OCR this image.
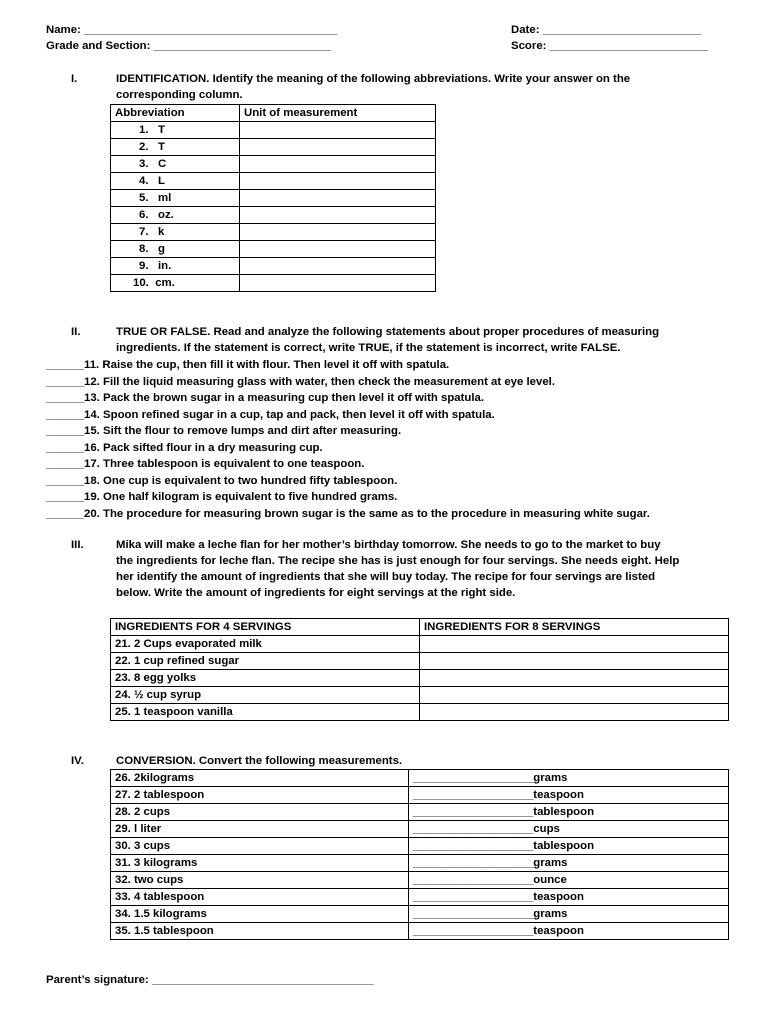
Name: ________________________________________
Grade and Section: ____________________________
Date: _________________________
Score: _________________________
I.	IDENTIFICATION. Identify the meaning of the following abbreviations. Write your answer on the
corresponding column.
Abbreviation	Unit of measurement
1. T	
2. T	
3. C	
4. L	
5. ml	
6. oz.	
7. k	
8. g	
9. in.	
10. cm.	
II.	TRUE OR FALSE. Read and analyze the following statements about proper procedures of measuring
ingredients. If the statement is correct, write TRUE, if the statement is incorrect, write FALSE.
______11. Raise the cup, then fill it with flour. Then level it off with spatula.
______12. Fill the liquid measuring glass with water, then check the measurement at eye level.
______13. Pack the brown sugar in a measuring cup then level it off with spatula.
______14. Spoon refined sugar in a cup, tap and pack, then level it off with spatula.
______15. Sift the flour to remove lumps and dirt after measuring.
______16. Pack sifted flour in a dry measuring cup.
______17. Three tablespoon is equivalent to one teaspoon.
______18. One cup is equivalent to two hundred fifty tablespoon.
______19. One half kilogram is equivalent to five hundred grams.
______20. The procedure for measuring brown sugar is the same as to the procedure in measuring white sugar.
III.	Mika will make a leche flan for her mother’s birthday tomorrow. She needs to go to the market to buy
the ingredients for leche flan. The recipe she has is just enough for four servings. She needs eight. Help
her identify the amount of ingredients that she will buy today. The recipe for four servings are listed
below. Write the amount of ingredients for eight servings at the right side.
INGREDIENTS FOR 4 SERVINGS	INGREDIENTS FOR 8 SERVINGS
21. 2 Cups evaporated milk	
22. 1 cup refined sugar	
23. 8 egg yolks	
24. ½ cup syrup	
25. 1 teaspoon vanilla	
IV.	CONVERSION. Convert the following measurements.
26. 2kilograms	___________________grams
27. 2 tablespoon	___________________teaspoon
28. 2 cups	___________________tablespoon
29. l liter	___________________cups
30. 3 cups	___________________tablespoon
31. 3 kilograms	___________________grams
32. two cups	___________________ounce
33. 4 tablespoon	___________________teaspoon
34. 1.5 kilograms	___________________grams
35. 1.5 tablespoon	___________________teaspoon
Parent’s signature: ___________________________________
